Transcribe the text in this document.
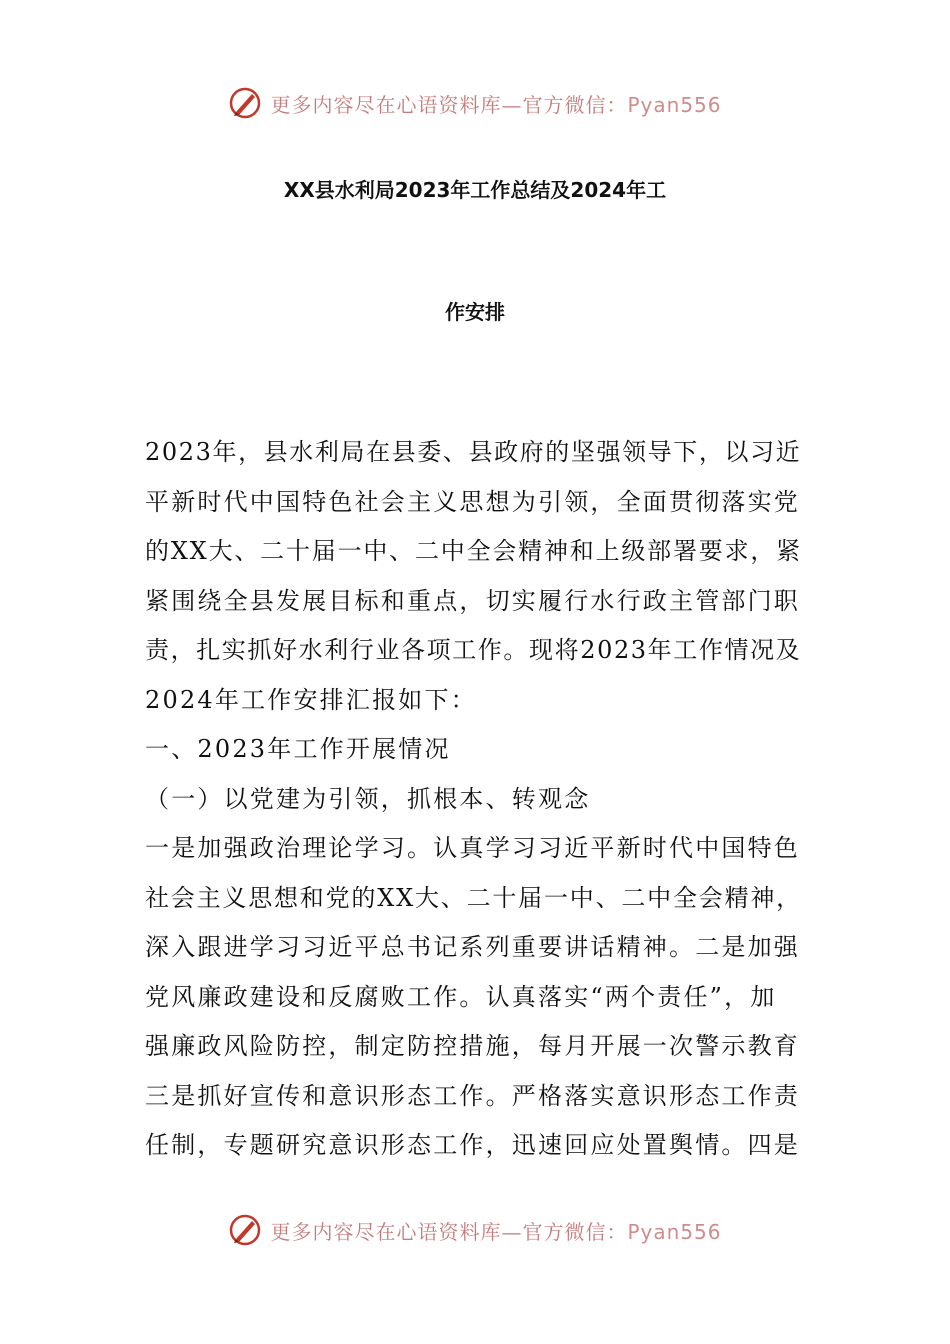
更多内容尽在心语资料库—官方微信：Pyan556
XX县水利局2023年工作总结及2024年工
作安排
2023年，县水利局在县委、县政府的坚强领导下，以习近
平新时代中国特色社会主义思想为引领，全面贯彻落实党
的XX大、二十届一中、二中全会精神和上级部署要求，紧
紧围绕全县发展目标和重点，切实履行水行政主管部门职
责，扎实抓好水利行业各项工作。现将2023年工作情况及
2024年工作安排汇报如下：
一、2023年工作开展情况
（一）以党建为引领，抓根本、转观念
一是加强政治理论学习。认真学习习近平新时代中国特色
社会主义思想和党的XX大、二十届一中、二中全会精神，
深入跟进学习习近平总书记系列重要讲话精神。二是加强
党风廉政建设和反腐败工作。认真落实“两个责任”，加
强廉政风险防控，制定防控措施，每月开展一次警示教育
三是抓好宣传和意识形态工作。严格落实意识形态工作责
任制，专题研究意识形态工作，迅速回应处置舆情。四是
更多内容尽在心语资料库—官方微信：Pyan556
